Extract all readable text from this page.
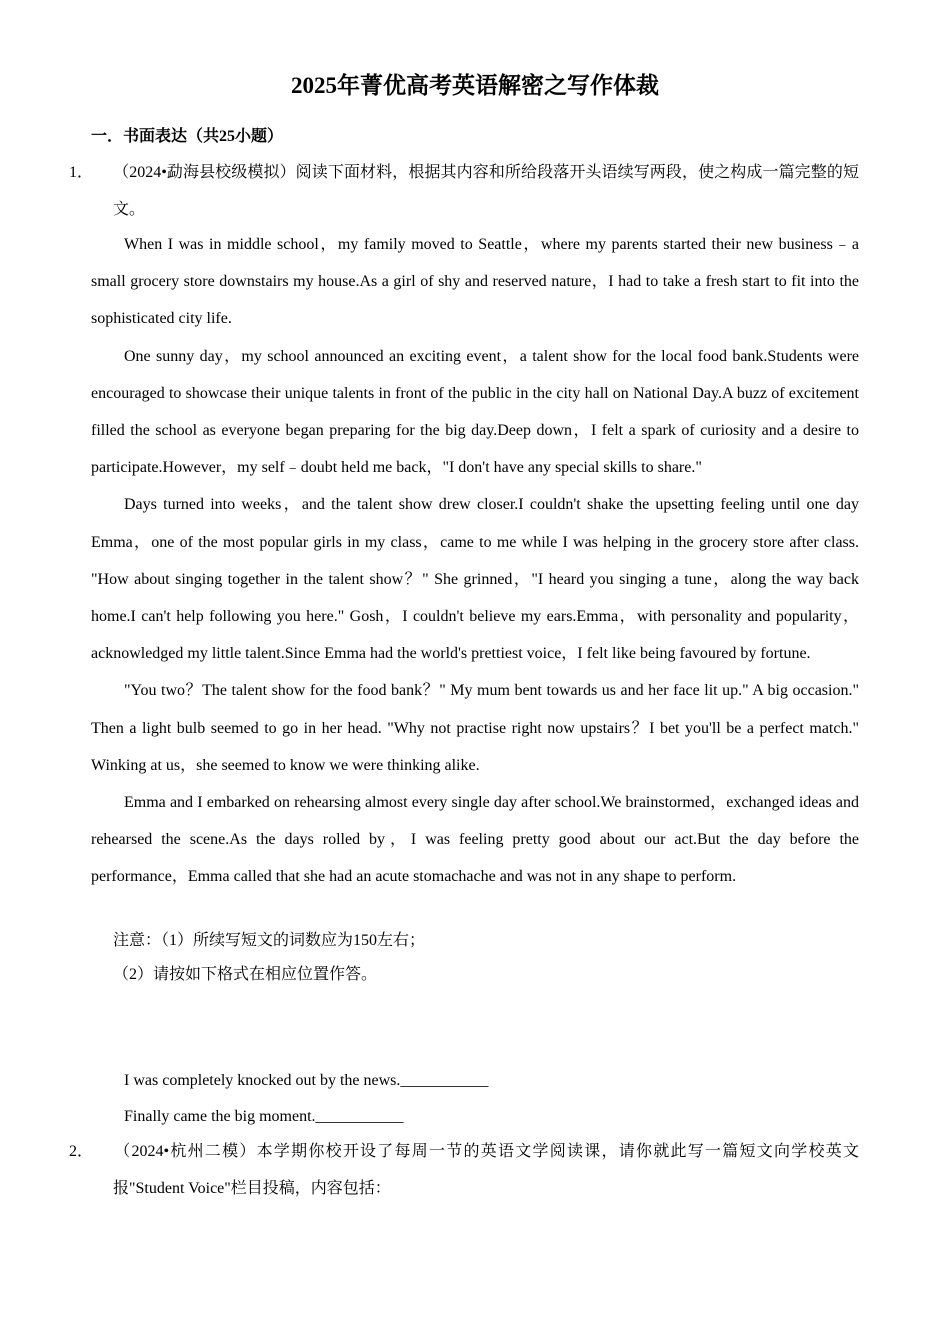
2025年菁优高考英语解密之写作体裁
一．书面表达（共25小题）
1． （2024•勐海县校级模拟）阅读下面材料，根据其内容和所给段落开头语续写两段，使之构成一篇完整的短文。

When I was in middle school，my family moved to Seattle，where my parents started their new business﹣a small grocery store downstairs my house.As a girl of shy and reserved nature，I had to take a fresh start to fit into the sophisticated city life.

One sunny day，my school announced an exciting event，a talent show for the local food bank.Students were encouraged to showcase their unique talents in front of the public in the city hall on National Day.A buzz of excitement filled the school as everyone began preparing for the big day.Deep down，I felt a spark of curiosity and a desire to participate.However，my self﹣doubt held me back，"I don't have any special skills to share."

Days turned into weeks，and the talent show drew closer.I couldn't shake the upsetting feeling until one day Emma，one of the most popular girls in my class，came to me while I was helping in the grocery store after class. "How about singing together in the talent show？" She grinned，"I heard you singing a tune，along the way back home.I can't help following you here." Gosh，I couldn't believe my ears.Emma，with personality and popularity，acknowledged my little talent.Since Emma had the world's prettiest voice，I felt like being favoured by fortune.

"You two？The talent show for the food bank？" My mum bent towards us and her face lit up." A big occasion." Then a light bulb seemed to go in her head. "Why not practise right now upstairs？I bet you'll be a perfect match." Winking at us，she seemed to know we were thinking alike.

Emma and I embarked on rehearsing almost every single day after school.We brainstormed，exchanged ideas and rehearsed the scene.As the days rolled by，I was feeling pretty good about our act.But the day before the performance，Emma called that she had an acute stomachache and was not in any shape to perform.

注意：（1）所续写短文的词数应为150左右；
（2）请按如下格式在相应位置作答。
I was completely knocked out by the news.___________
Finally came the big moment.___________
2． （2024•杭州二模）本学期你校开设了每周一节的英语文学阅读课，请你就此写一篇短文向学校英文报"Student Voice"栏目投稿，内容包括：
